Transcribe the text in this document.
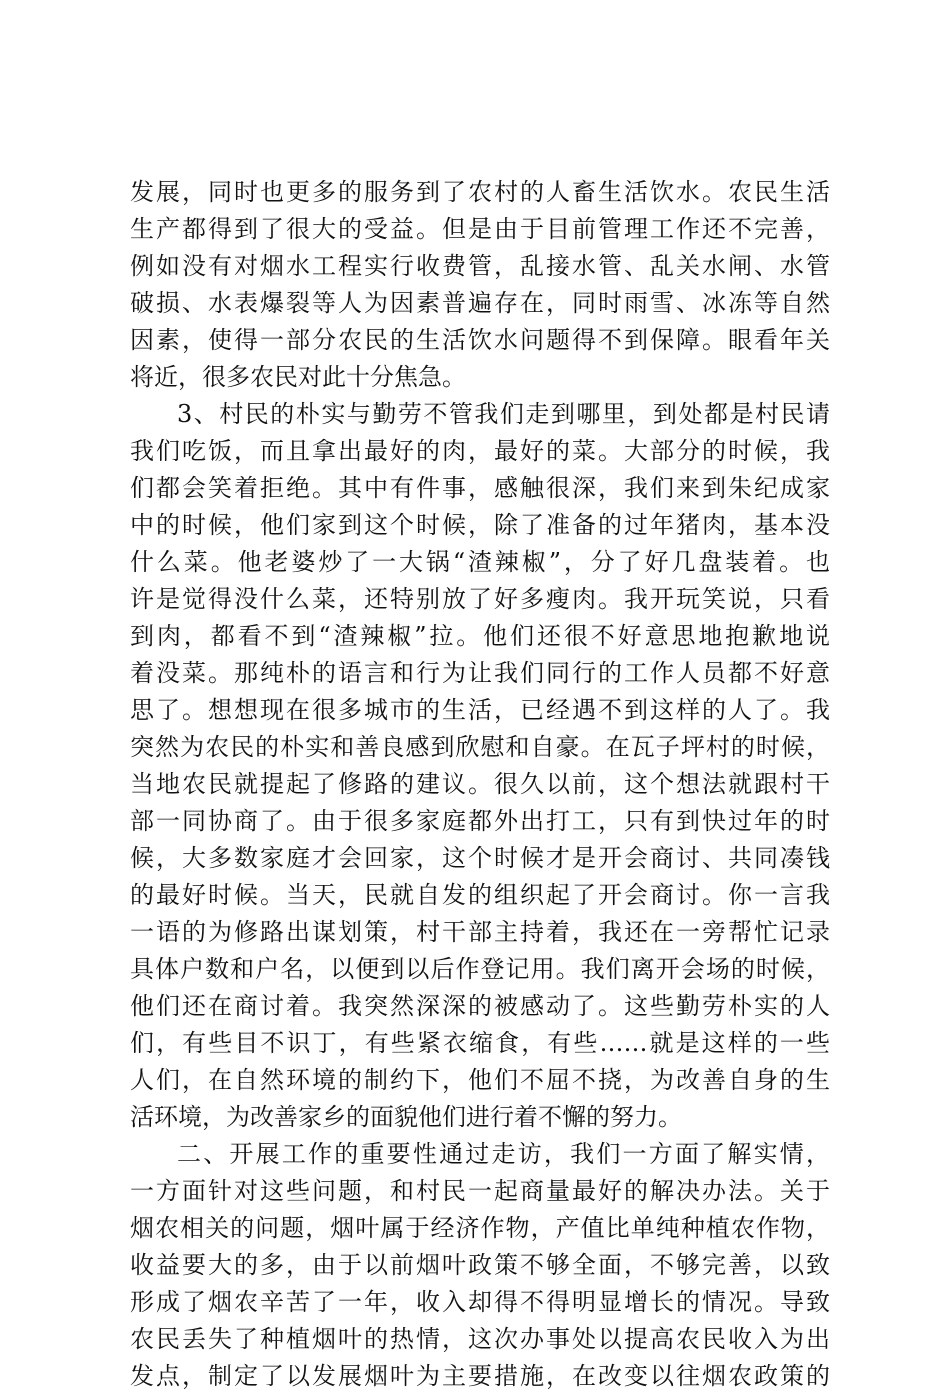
发展，同时也更多的服务到了农村的人畜生活饮水。农民生活
生产都得到了很大的受益。但是由于目前管理工作还不完善，
例如没有对烟水工程实行收费管，乱接水管、乱关水闸、水管
破损、水表爆裂等人为因素普遍存在，同时雨雪、冰冻等自然
因素，使得一部分农民的生活饮水问题得不到保障。眼看年关
将近，很多农民对此十分焦急。
3、村民的朴实与勤劳不管我们走到哪里，到处都是村民请
我们吃饭，而且拿出最好的肉，最好的菜。大部分的时候，我
们都会笑着拒绝。其中有件事，感触很深，我们来到朱纪成家
中的时候，他们家到这个时候，除了准备的过年猪肉，基本没
什么菜。他老婆炒了一大锅“渣辣椒”，分了好几盘装着。也
许是觉得没什么菜，还特别放了好多瘦肉。我开玩笑说，只看
到肉，都看不到“渣辣椒”拉。他们还很不好意思地抱歉地说
着没菜。那纯朴的语言和行为让我们同行的工作人员都不好意
思了。想想现在很多城市的生活，已经遇不到这样的人了。我
突然为农民的朴实和善良感到欣慰和自豪。在瓦子坪村的时候，
当地农民就提起了修路的建议。很久以前，这个想法就跟村干
部一同协商了。由于很多家庭都外出打工，只有到快过年的时
候，大多数家庭才会回家，这个时候才是开会商讨、共同凑钱
的最好时候。当天，民就自发的组织起了开会商讨。你一言我
一语的为修路出谋划策，村干部主持着，我还在一旁帮忙记录
具体户数和户名，以便到以后作登记用。我们离开会场的时候，
他们还在商讨着。我突然深深的被感动了。这些勤劳朴实的人
们，有些目不识丁，有些紧衣缩食，有些……就是这样的一些
人们，在自然环境的制约下，他们不屈不挠，为改善自身的生
活环境，为改善家乡的面貌他们进行着不懈的努力。
二、开展工作的重要性通过走访，我们一方面了解实情，
一方面针对这些问题，和村民一起商量最好的解决办法。关于
烟农相关的问题，烟叶属于经济作物，产值比单纯种植农作物，
收益要大的多，由于以前烟叶政策不够全面，不够完善，以致
形成了烟农辛苦了一年，收入却得不得明显增长的情况。导致
农民丢失了种植烟叶的热情，这次办事处以提高农民收入为出
发点，制定了以发展烟叶为主要措施，在改变以往烟农政策的
